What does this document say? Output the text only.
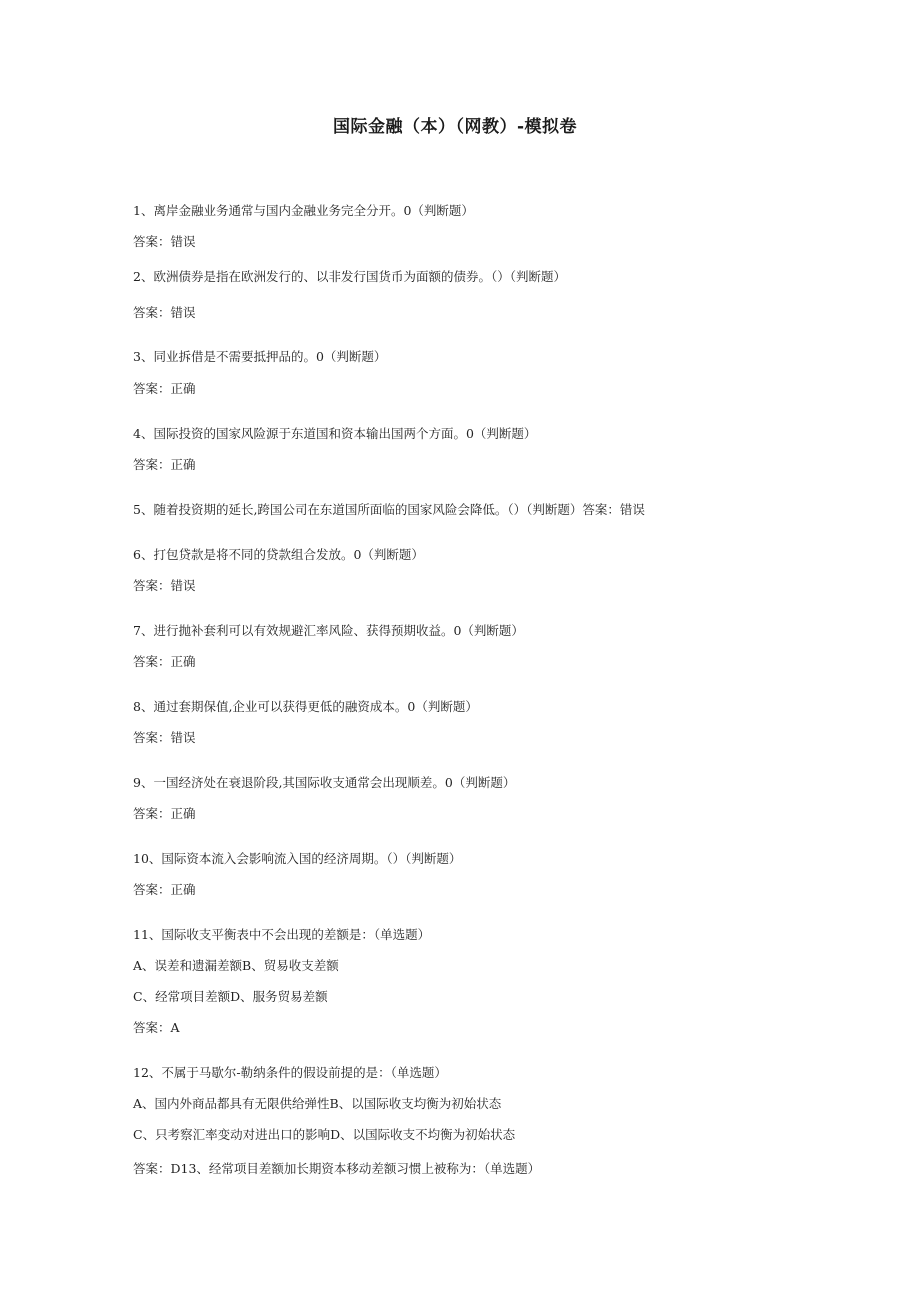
国际金融（本）（网教）-模拟卷
1、离岸金融业务通常与国内金融业务完全分开。0（判断题）
答案：错误
2、欧洲债券是指在欧洲发行的、以非发行国货币为面额的债券。（）（判断题）
答案：错误
3、同业拆借是不需要抵押品的。0（判断题）
答案：正确
4、国际投资的国家风险源于东道国和资本输出国两个方面。0（判断题）
答案：正确
5、随着投资期的延长,跨国公司在东道国所面临的国家风险会降低。（）（判断题）答案：错误
6、打包贷款是将不同的贷款组合发放。0（判断题）
答案：错误
7、进行抛补套利可以有效规避汇率风险、获得预期收益。0（判断题）
答案：正确
8、通过套期保值,企业可以获得更低的融资成本。0（判断题）
答案：错误
9、一国经济处在衰退阶段,其国际收支通常会出现顺差。0（判断题）
答案：正确
10、国际资本流入会影响流入国的经济周期。（）（判断题）
答案：正确
11、国际收支平衡表中不会出现的差额是：（单选题）
A、误差和遗漏差额B、贸易收支差额
C、经常项目差额D、服务贸易差额
答案：A
12、不属于马歇尔-勒纳条件的假设前提的是：（单选题）
A、国内外商品都具有无限供给弹性B、以国际收支均衡为初始状态
C、只考察汇率变动对进出口的影响D、以国际收支不均衡为初始状态
答案：D13、经常项目差额加长期资本移动差额习惯上被称为：（单选题）
